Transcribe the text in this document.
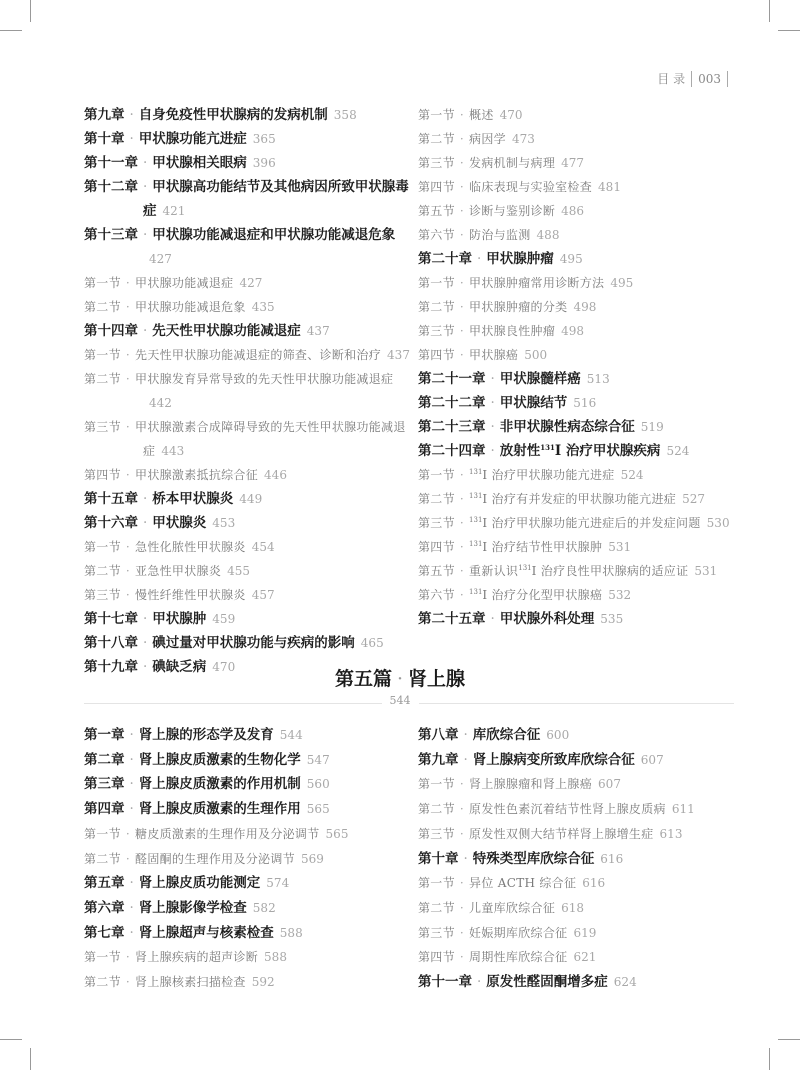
目 录 003
第九章 · 自身免疫性甲状腺病的发病机制 358
第十章 · 甲状腺功能亢进症 365
第十一章 · 甲状腺相关眼病 396
第十二章 · 甲状腺高功能结节及其他病因所致甲状腺毒症 421
第十三章 · 甲状腺功能减退症和甲状腺功能减退危象427
第一节 · 甲状腺功能减退症 427
第二节 · 甲状腺功能减退危象 435
第十四章 · 先天性甲状腺功能减退症 437
第一节 · 先天性甲状腺功能减退症的筛查、诊断和治疗 437
第二节 · 甲状腺发育异常导致的先天性甲状腺功能减退症442
第三节 · 甲状腺激素合成障碍导致的先天性甲状腺功能减退症 443
第四节 · 甲状腺激素抵抗综合征 446
第十五章 · 桥本甲状腺炎 449
第十六章 · 甲状腺炎 453
第一节 · 急性化脓性甲状腺炎 454
第二节 · 亚急性甲状腺炎 455
第三节 · 慢性纤维性甲状腺炎 457
第十七章 · 甲状腺肿 459
第十八章 · 碘过量对甲状腺功能与疾病的影响 465
第十九章 · 碘缺乏病 470
第一节 · 概述 470
第二节 · 病因学 473
第三节 · 发病机制与病理 477
第四节 · 临床表现与实验室检查 481
第五节 · 诊断与鉴别诊断 486
第六节 · 防治与监测 488
第二十章 · 甲状腺肿瘤 495
第一节 · 甲状腺肿瘤常用诊断方法 495
第二节 · 甲状腺肿瘤的分类 498
第三节 · 甲状腺良性肿瘤 498
第四节 · 甲状腺癌 500
第二十一章 · 甲状腺髓样癌 513
第二十二章 · 甲状腺结节 516
第二十三章 · 非甲状腺性病态综合征 519
第二十四章 · 放射性$^{131}$I 治疗甲状腺疾病 524
第一节 · $^{131}$I 治疗甲状腺功能亢进症 524
第二节 · $^{131}$I 治疗有并发症的甲状腺功能亢进症 527
第三节 · $^{131}$I 治疗甲状腺功能亢进症后的并发症问题 530
第四节 · $^{131}$I 治疗结节性甲状腺肿 531
第五节 · 重新认识$^{131}$I 治疗良性甲状腺病的适应证 531
第六节 · $^{131}$I 治疗分化型甲状腺癌 532
第二十五章 · 甲状腺外科处理 535
第五篇 · 肾上腺
544
第一章 · 肾上腺的形态学及发育 544
第二章 · 肾上腺皮质激素的生物化学 547
第三章 · 肾上腺皮质激素的作用机制 560
第四章 · 肾上腺皮质激素的生理作用 565
第一节 · 糖皮质激素的生理作用及分泌调节 565
第二节 · 醛固酮的生理作用及分泌调节 569
第五章 · 肾上腺皮质功能测定 574
第六章 · 肾上腺影像学检查 582
第七章 · 肾上腺超声与核素检查 588
第一节 · 肾上腺疾病的超声诊断 588
第二节 · 肾上腺核素扫描检查 592
第八章 · 库欣综合征 600
第九章 · 肾上腺病变所致库欣综合征 607
第一节 · 肾上腺腺瘤和肾上腺癌 607
第二节 · 原发性色素沉着结节性肾上腺皮质病 611
第三节 · 原发性双侧大结节样肾上腺增生症 613
第十章 · 特殊类型库欣综合征 616
第一节 · 异位 ACTH 综合征 616
第二节 · 儿童库欣综合征 618
第三节 · 妊娠期库欣综合征 619
第四节 · 周期性库欣综合征 621
第十一章 · 原发性醛固酮增多症 624
